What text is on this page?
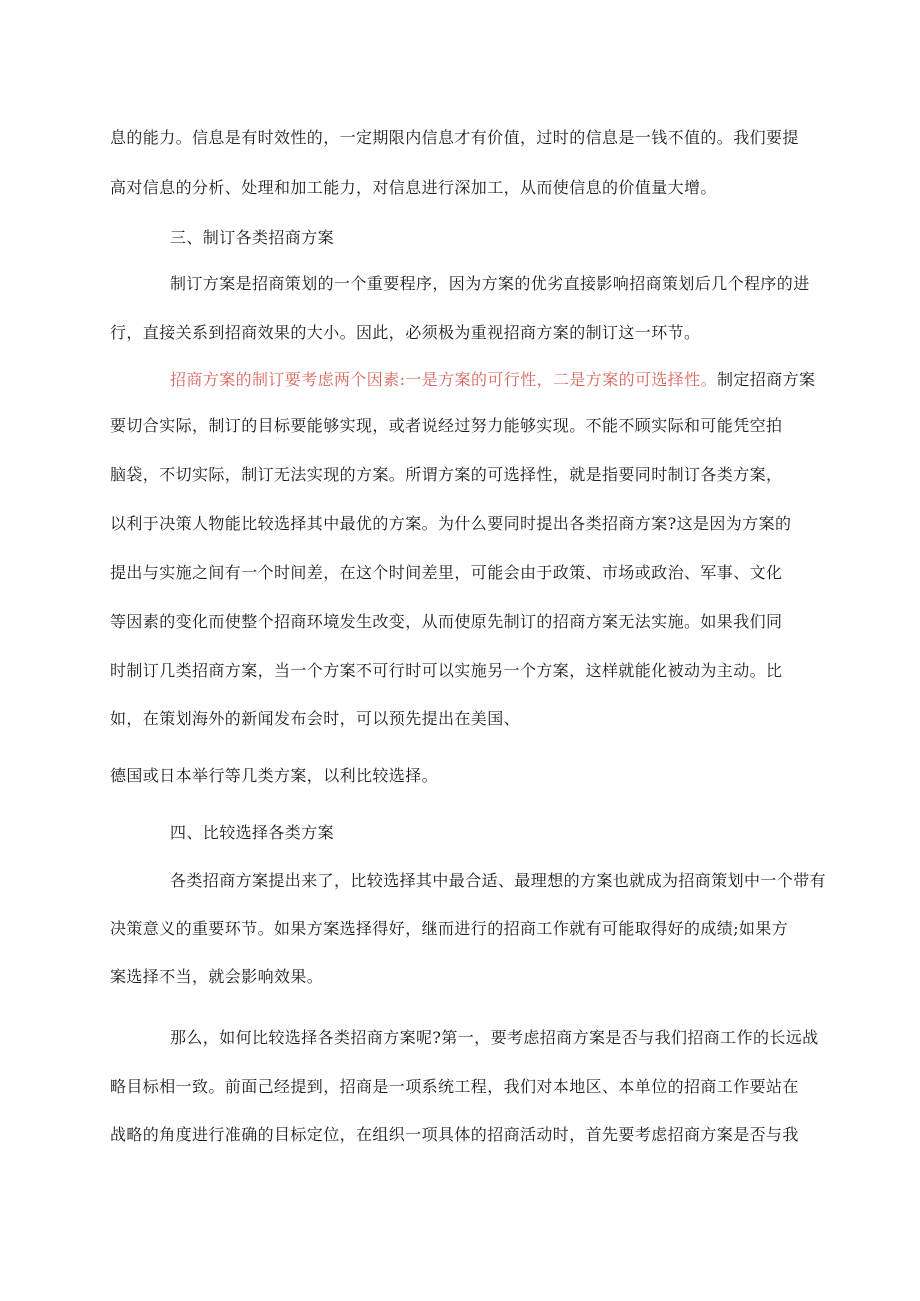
息的能力。信息是有时效性的，一定期限内信息才有价值，过时的信息是一钱不值的。我们要提
高对信息的分析、处理和加工能力，对信息进行深加工，从而使信息的价值量大增。
三、制订各类招商方案
制订方案是招商策划的一个重要程序，因为方案的优劣直接影响招商策划后几个程序的进
行，直接关系到招商效果的大小。因此，必须极为重视招商方案的制订这一环节。
招商方案的制订要考虑两个因素:一是方案的可行性，二是方案的可选择性。制定招商方案
要切合实际，制订的目标要能够实现，或者说经过努力能够实现。不能不顾实际和可能凭空拍
脑袋，不切实际，制订无法实现的方案。所谓方案的可选择性，就是指要同时制订各类方案，
以利于决策人物能比较选择其中最优的方案。为什么要同时提出各类招商方案?这是因为方案的
提出与实施之间有一个时间差，在这个时间差里，可能会由于政策、市场或政治、军事、文化
等因素的变化而使整个招商环境发生改变，从而使原先制订的招商方案无法实施。如果我们同
时制订几类招商方案，当一个方案不可行时可以实施另一个方案，这样就能化被动为主动。比
如，在策划海外的新闻发布会时，可以预先提出在美国、
德国或日本举行等几类方案，以利比较选择。
四、比较选择各类方案
各类招商方案提出来了，比较选择其中最合适、最理想的方案也就成为招商策划中一个带有
决策意义的重要环节。如果方案选择得好，继而进行的招商工作就有可能取得好的成绩;如果方
案选择不当，就会影响效果。
那么，如何比较选择各类招商方案呢?第一，要考虑招商方案是否与我们招商工作的长远战
略目标相一致。前面己经提到，招商是一项系统工程，我们对本地区、本单位的招商工作要站在
战略的角度进行准确的目标定位，在组织一项具体的招商活动时，首先要考虑招商方案是否与我
